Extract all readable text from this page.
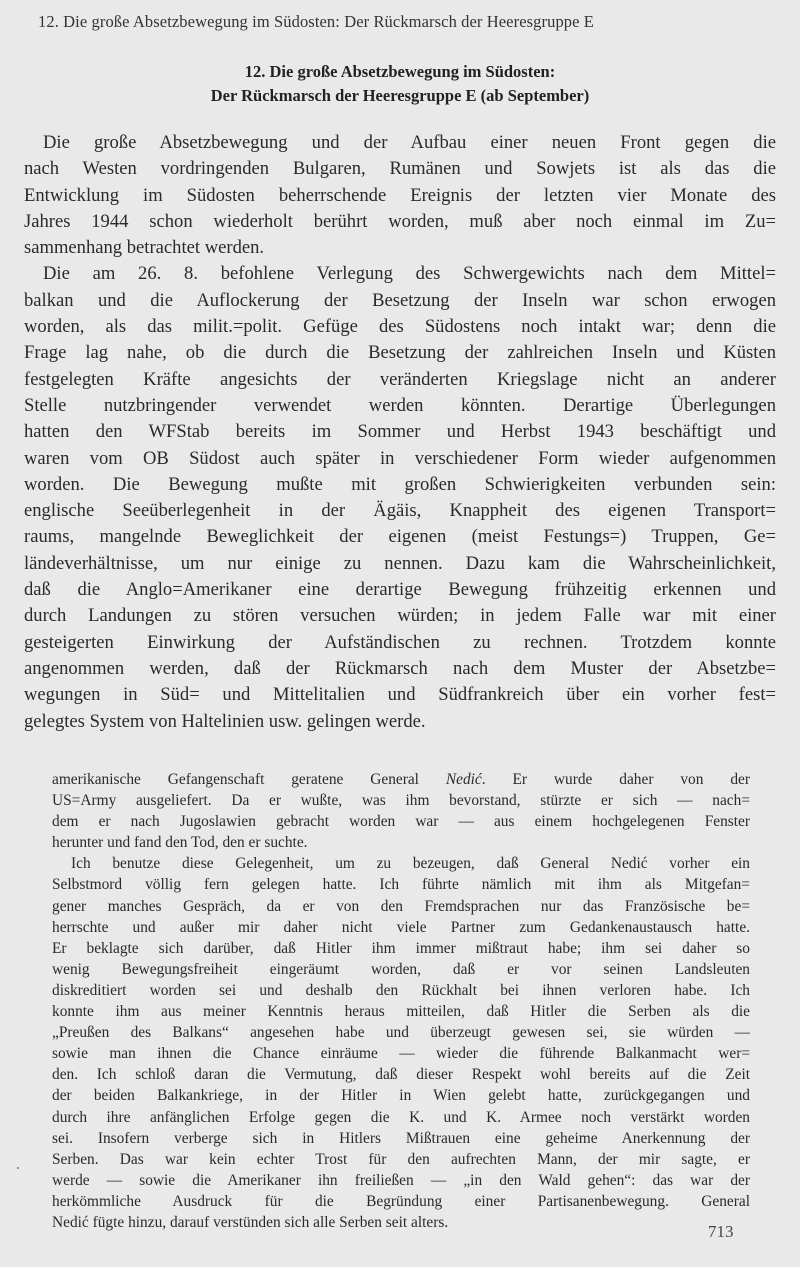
12. Die große Absetzbewegung im Südosten: Der Rückmarsch der Heeresgruppe E
12. Die große Absetzbewegung im Südosten:
Der Rückmarsch der Heeresgruppe E (ab September)
Die große Absetzbewegung und der Aufbau einer neuen Front gegen die
nach Westen vordringenden Bulgaren, Rumänen und Sowjets ist als das die
Entwicklung im Südosten beherrschende Ereignis der letzten vier Monate des
Jahres 1944 schon wiederholt berührt worden, muß aber noch einmal im Zu=
sammenhang betrachtet werden.
Die am 26. 8. befohlene Verlegung des Schwergewichts nach dem Mittel=
balkan und die Auflockerung der Besetzung der Inseln war schon erwogen
worden, als das milit.=polit. Gefüge des Südostens noch intakt war; denn die
Frage lag nahe, ob die durch die Besetzung der zahlreichen Inseln und Küsten
festgelegten Kräfte angesichts der veränderten Kriegslage nicht an anderer
Stelle nutzbringender verwendet werden könnten. Derartige Überlegungen
hatten den WFStab bereits im Sommer und Herbst 1943 beschäftigt und
waren vom OB Südost auch später in verschiedener Form wieder aufgenommen
worden. Die Bewegung mußte mit großen Schwierigkeiten verbunden sein:
englische Seeüberlegenheit in der Ägäis, Knappheit des eigenen Transport=
raums, mangelnde Beweglichkeit der eigenen (meist Festungs=) Truppen, Ge=
ländeverhältnisse, um nur einige zu nennen. Dazu kam die Wahrscheinlichkeit,
daß die Anglo=Amerikaner eine derartige Bewegung frühzeitig erkennen und
durch Landungen zu stören versuchen würden; in jedem Falle war mit einer
gesteigerten Einwirkung der Aufständischen zu rechnen. Trotzdem konnte
angenommen werden, daß der Rückmarsch nach dem Muster der Absetzbe=
wegungen in Süd= und Mittelitalien und Südfrankreich über ein vorher fest=
gelegtes System von Haltelinien usw. gelingen werde.
amerikanische Gefangenschaft geratene General Nedić. Er wurde daher von der
US=Army ausgeliefert. Da er wußte, was ihm bevorstand, stürzte er sich — nach=
dem er nach Jugoslawien gebracht worden war — aus einem hochgelegenen Fenster
herunter und fand den Tod, den er suchte.
Ich benutze diese Gelegenheit, um zu bezeugen, daß General Nedić vorher ein
Selbstmord völlig fern gelegen hatte. Ich führte nämlich mit ihm als Mitgefan=
gener manches Gespräch, da er von den Fremdsprachen nur das Französische be=
herrschte und außer mir daher nicht viele Partner zum Gedankenaustausch hatte.
Er beklagte sich darüber, daß Hitler ihm immer mißtraut habe; ihm sei daher so
wenig Bewegungsfreiheit eingeräumt worden, daß er vor seinen Landsleuten
diskreditiert worden sei und deshalb den Rückhalt bei ihnen verloren habe. Ich
konnte ihm aus meiner Kenntnis heraus mitteilen, daß Hitler die Serben als die
„Preußen des Balkans“ angesehen habe und überzeugt gewesen sei, sie würden —
sowie man ihnen die Chance einräume — wieder die führende Balkanmacht wer=
den. Ich schloß daran die Vermutung, daß dieser Respekt wohl bereits auf die Zeit
der beiden Balkankriege, in der Hitler in Wien gelebt hatte, zurückgegangen und
durch ihre anfänglichen Erfolge gegen die K. und K. Armee noch verstärkt worden
sei. Insofern verberge sich in Hitlers Mißtrauen eine geheime Anerkennung der
Serben. Das war kein echter Trost für den aufrechten Mann, der mir sagte, er
werde — sowie die Amerikaner ihn freiließen — „in den Wald gehen“: das war der
herkömmliche Ausdruck für die Begründung einer Partisanenbewegung. General
Nedić fügte hinzu, darauf verstünden sich alle Serben seit alters.	713
